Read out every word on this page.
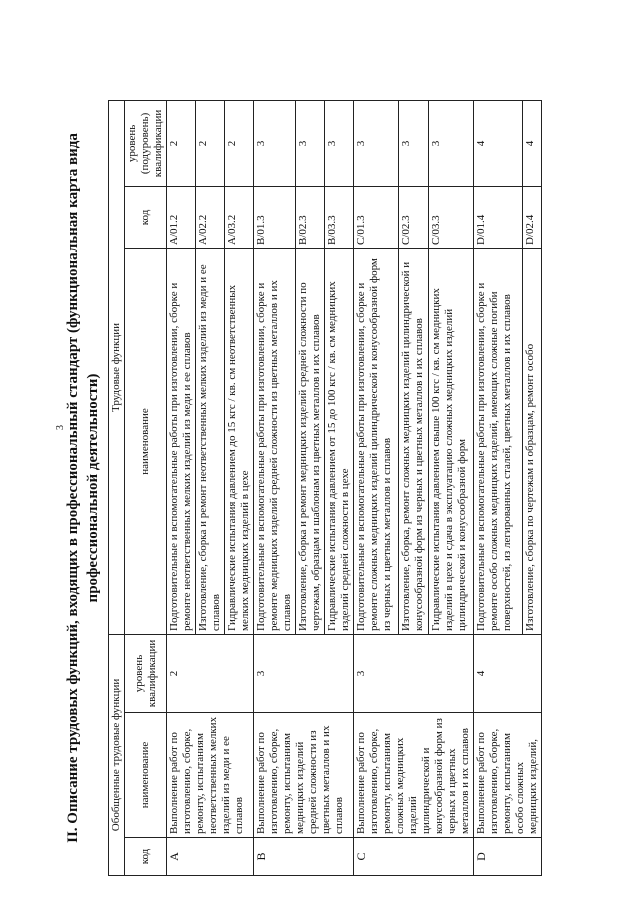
3 II. Описание трудовых функций, входящих в профессиональный стандарт (функциональная карта вида профессиональной деятельности)
Обобщенные трудовые функции			Трудовые функции		
код	наименование	уровень квалификации	наименование	код	уровень (подуровень) квалификации
А	Выполнение работ по изготовлению, сборке, ремонту, испытаниям неответственных мелких изделий из меди и ее сплавов	2	Подготовительные и вспомогательные работы при изготовлении, сборке и ремонте неответственных мелких изделий из меди и ее сплавов	A/01.2	2
			Изготовление, сборка и ремонт неответственных мелких изделий из меди и ее сплавов	A/02.2	2
			Гидравлические испытания давлением до 15 кгс / кв. см неответственных мелких медницких изделий в цехе	A/03.2	2
В	Выполнение работ по изготовлению, сборке, ремонту, испытаниям медницких изделий средней сложности из цветных металлов и их сплавов	3	Подготовительные и вспомогательные работы при изготовлении, сборке и ремонте медницких изделий средней сложности из цветных металлов и их сплавов	B/01.3	3
			Изготовление, сборка и ремонт медницких изделий средней сложности по чертежам, образцам и шаблонам из цветных металлов и их сплавов	B/02.3	3
			Гидравлические испытания давлением от 15 до 100 кгс / кв. см медницких изделий средней сложности в цехе	B/03.3	3
С	Выполнение работ по изготовлению, сборке, ремонту, испытаниям сложных медницких изделий цилиндрической и конусообразной форм из черных и цветных металлов и их сплавов	3	Подготовительные и вспомогательные работы при изготовлении, сборке и ремонте сложных медницких изделий цилиндрической и конусообразной форм из черных и цветных металлов и сплавов	C/01.3	3
			Изготовление, сборка, ремонт сложных медницких изделий цилиндрической и конусообразной форм из черных и цветных металлов и их сплавов	C/02.3	3
			Гидравлические испытания давлением свыше 100 кгс / кв. см медницких изделий в цехе и сдача в эксплуатацию сложных медницких изделий цилиндрической и конусообразной форм	C/03.3	3
D	Выполнение работ по изготовлению, сборке, ремонту, испытаниям особо сложных медницких изделий,	4	Подготовительные и вспомогательные работы при изготовлении, сборке и ремонте особо сложных медницких изделий, имеющих сложные погиби поверхностей, из легированных сталей, цветных металлов и их сплавов	D/01.4	4
			Изготовление, сборка по чертежам и образцам, ремонт особо	D/02.4	4
